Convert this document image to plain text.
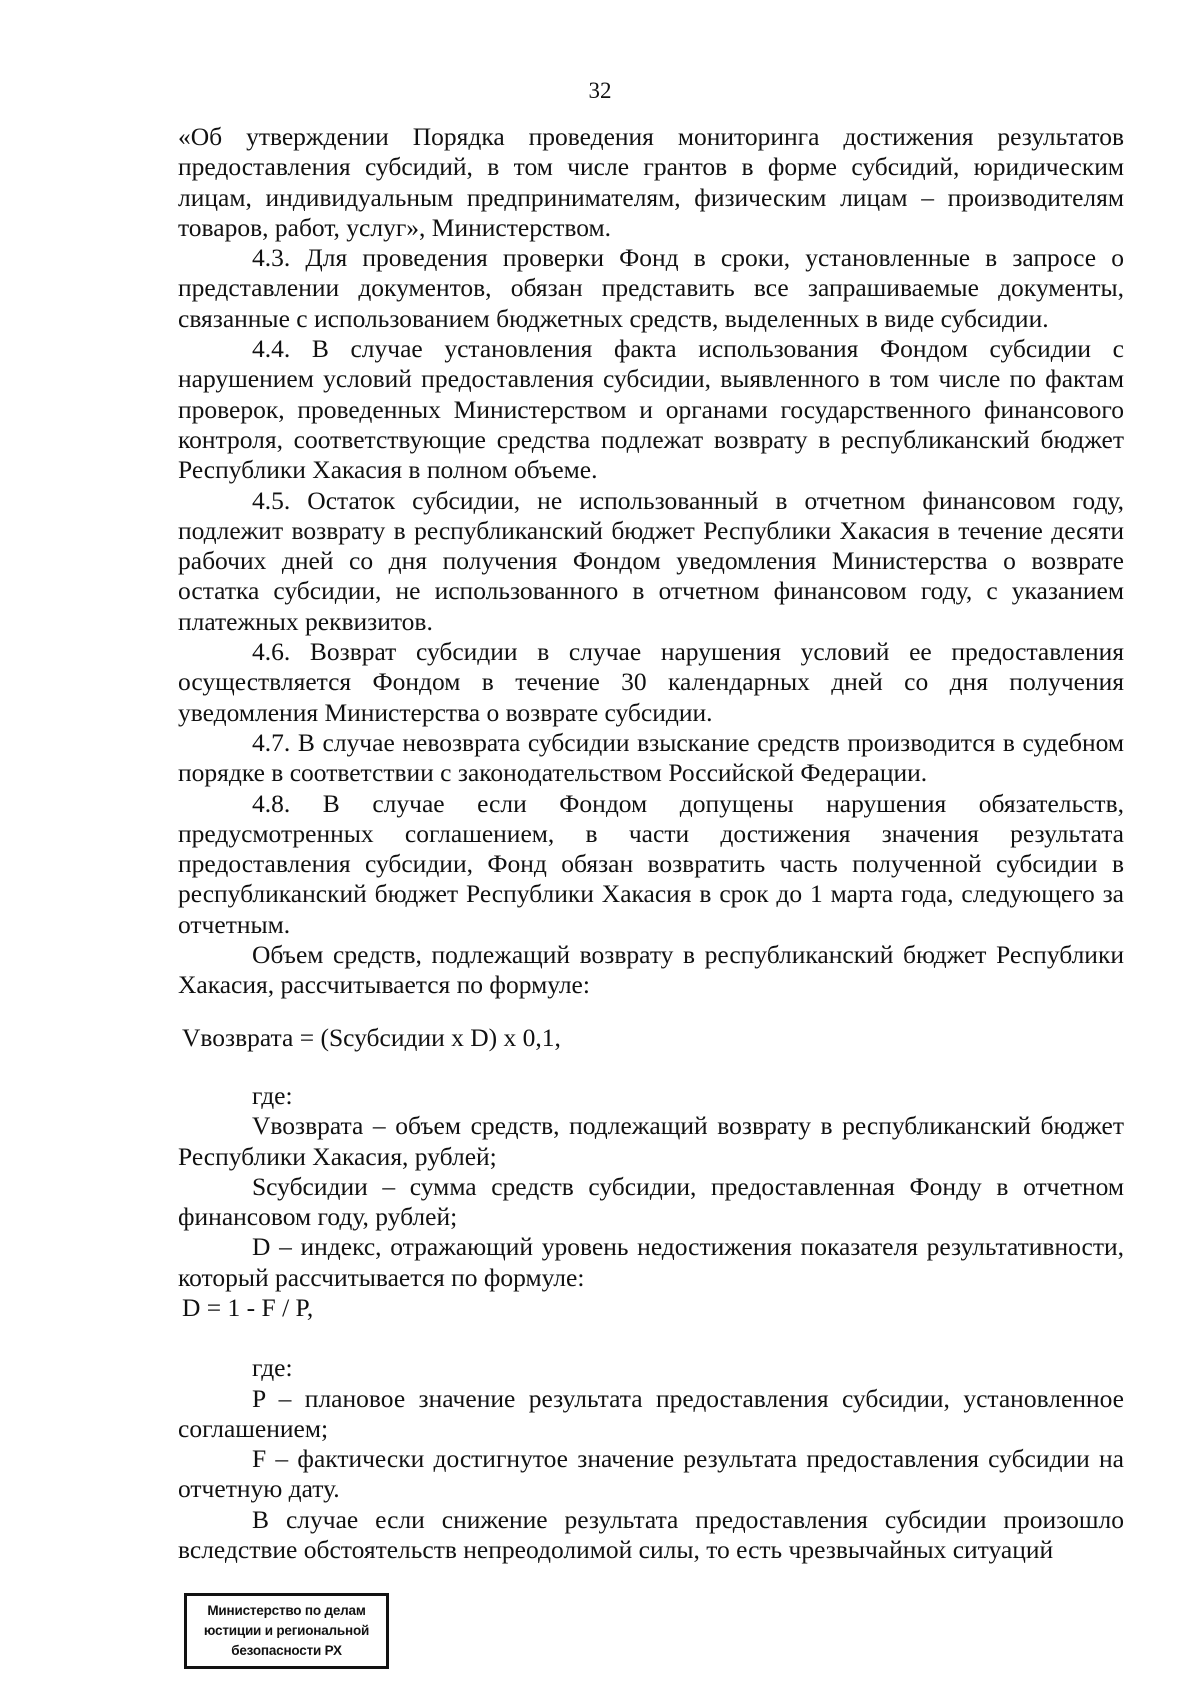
32

«Об утверждении Порядка проведения мониторинга достижения результатов предоставления субсидий, в том числе грантов в форме субсидий, юридическим лицам, индивидуальным предпринимателям, физическим лицам – производителям товаров, работ, услуг», Министерством.

4.3. Для проведения проверки Фонд в сроки, установленные в запросе о представлении документов, обязан представить все запрашиваемые документы, связанные с использованием бюджетных средств, выделенных в виде субсидии.

4.4. В случае установления факта использования Фондом субсидии с нарушением условий предоставления субсидии, выявленного в том числе по фактам проверок, проведенных Министерством и органами государственного финансового контроля, соответствующие средства подлежат возврату в республиканский бюджет Республики Хакасия в полном объеме.

4.5. Остаток субсидии, не использованный в отчетном финансовом году, подлежит возврату в республиканский бюджет Республики Хакасия в течение десяти рабочих дней со дня получения Фондом уведомления Министерства о возврате остатка субсидии, не использованного в отчетном финансовом году, с указанием платежных реквизитов.

4.6. Возврат субсидии в случае нарушения условий ее предоставления осуществляется Фондом в течение 30 календарных дней со дня получения уведомления Министерства о возврате субсидии.

4.7. В случае невозврата субсидии взыскание средств производится в судебном порядке в соответствии с законодательством Российской Федерации.

4.8. В случае если Фондом допущены нарушения обязательств, предусмотренных соглашением, в части достижения значения результата предоставления субсидии, Фонд обязан возвратить часть полученной субсидии в республиканский бюджет Республики Хакасия в срок до 1 марта года, следующего за отчетным.

Объем средств, подлежащий возврату в республиканский бюджет Республики Хакасия, рассчитывается по формуле:

Vвозврата = (Sсубсидии x D) x 0,1,

где:

Vвозврата – объем средств, подлежащий возврату в республиканский бюджет Республики Хакасия, рублей;

Sсубсидии – сумма средств субсидии, предоставленная Фонду в отчетном финансовом году, рублей;

D – индекс, отражающий уровень недостижения показателя результативности, который рассчитывается по формуле:

D = 1 - F / P,

где:

P – плановое значение результата предоставления субсидии, установленное соглашением;

F – фактически достигнутое значение результата предоставления субсидии на отчетную дату.

В случае если снижение результата предоставления субсидии произошло вследствие обстоятельств непреодолимой силы, то есть чрезвычайных ситуаций

Министерство по делам
юстиции и региональной
безопасности РХ
